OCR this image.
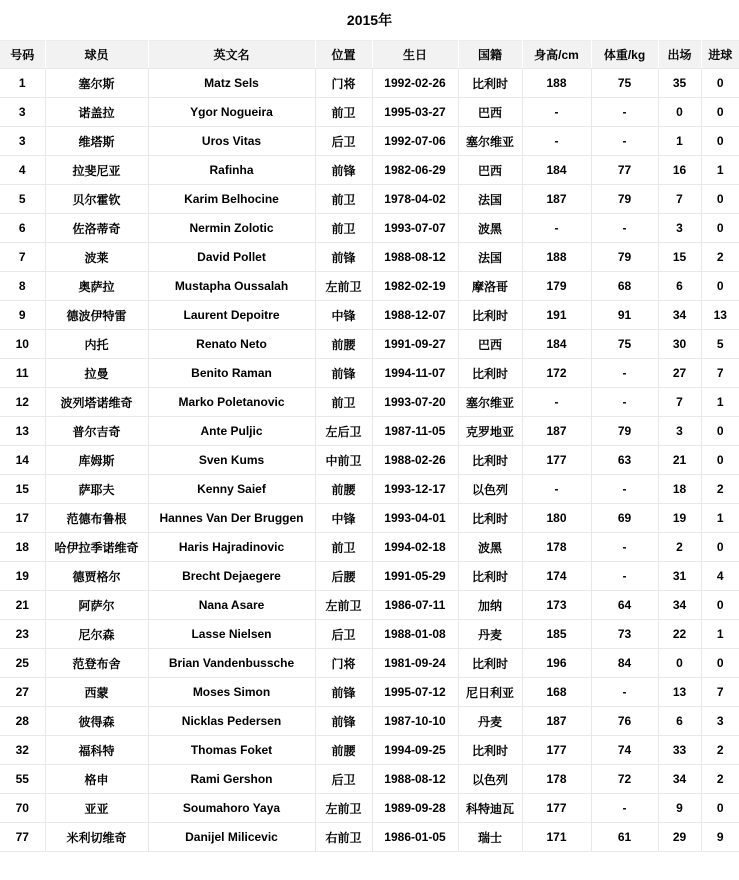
2015年
号码	球员	英文名	位置	生日	国籍	身高/cm	体重/kg	出场	进球
1	塞尔斯	Matz Sels	门将	1992-02-26	比利时	188	75	35	0
3	诺盖拉	Ygor Nogueira	前卫	1995-03-27	巴西	-	-	0	0
3	维塔斯	Uros Vitas	后卫	1992-07-06	塞尔维亚	-	-	1	0
4	拉斐尼亚	Rafinha	前锋	1982-06-29	巴西	184	77	16	1
5	贝尔霍钦	Karim Belhocine	前卫	1978-04-02	法国	187	79	7	0
6	佐洛蒂奇	Nermin Zolotic	前卫	1993-07-07	波黑	-	-	3	0
7	波莱	David Pollet	前锋	1988-08-12	法国	188	79	15	2
8	奥萨拉	Mustapha Oussalah	左前卫	1982-02-19	摩洛哥	179	68	6	0
9	德波伊特雷	Laurent Depoitre	中锋	1988-12-07	比利时	191	91	34	13
10	内托	Renato Neto	前腰	1991-09-27	巴西	184	75	30	5
11	拉曼	Benito Raman	前锋	1994-11-07	比利时	172	-	27	7
12	波列塔诺维奇	Marko Poletanovic	前卫	1993-07-20	塞尔维亚	-	-	7	1
13	普尔吉奇	Ante Puljic	左后卫	1987-11-05	克罗地亚	187	79	3	0
14	库姆斯	Sven Kums	中前卫	1988-02-26	比利时	177	63	21	0
15	萨耶夫	Kenny Saief	前腰	1993-12-17	以色列	-	-	18	2
17	范德布鲁根	Hannes Van Der Bruggen	中锋	1993-04-01	比利时	180	69	19	1
18	哈伊拉季诺维奇	Haris Hajradinovic	前卫	1994-02-18	波黑	178	-	2	0
19	德贾格尔	Brecht Dejaegere	后腰	1991-05-29	比利时	174	-	31	4
21	阿萨尔	Nana Asare	左前卫	1986-07-11	加纳	173	64	34	0
23	尼尔森	Lasse Nielsen	后卫	1988-01-08	丹麦	185	73	22	1
25	范登布舍	Brian Vandenbussche	门将	1981-09-24	比利时	196	84	0	0
27	西蒙	Moses Simon	前锋	1995-07-12	尼日利亚	168	-	13	7
28	彼得森	Nicklas Pedersen	前锋	1987-10-10	丹麦	187	76	6	3
32	福科特	Thomas Foket	前腰	1994-09-25	比利时	177	74	33	2
55	格申	Rami Gershon	后卫	1988-08-12	以色列	178	72	34	2
70	亚亚	Soumahoro Yaya	左前卫	1989-09-28	科特迪瓦	177	-	9	0
77	米利切维奇	Danijel Milicevic	右前卫	1986-01-05	瑞士	171	61	29	9
